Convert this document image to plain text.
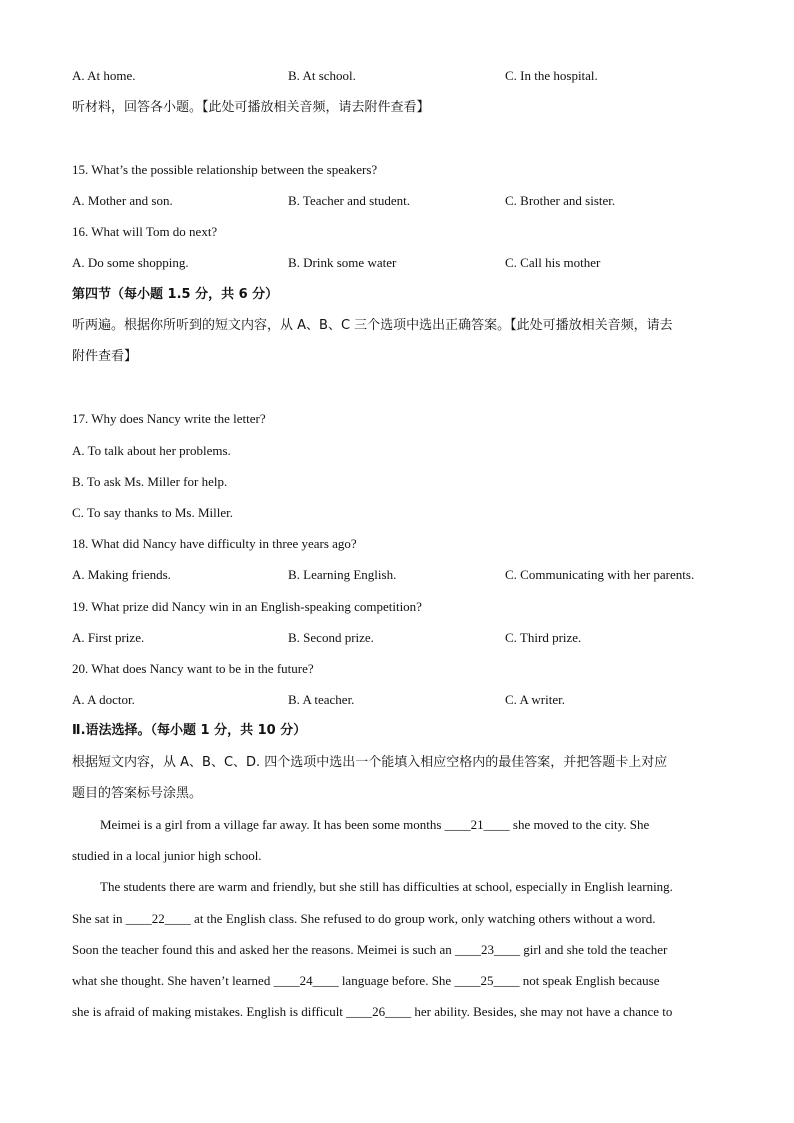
A. At home.	B. At school.	C. In the hospital.
听材料，回答各小题。【此处可播放相关音频，请去附件查看】
15. What’s the possible relationship between the speakers?
A. Mother and son.	B. Teacher and student.	C. Brother and sister.
16. What will Tom do next?
A. Do some shopping.	B. Drink some water	C. Call his mother
第四节（每小题 1.5 分，共 6 分）
听两遍。根据你所听到的短文内容，从 A、B、C 三个选项中选出正确答案。【此处可播放相关音频，请去
附件查看】
17. Why does Nancy write the letter?
A. To talk about her problems.
B. To ask Ms. Miller for help.
C. To say thanks to Ms. Miller.
18. What did Nancy have difficulty in three years ago?
A. Making friends.	B. Learning English.	C. Communicating with her parents.
19. What prize did Nancy win in an English-speaking competition?
A. First prize.	B. Second prize.	C. Third prize.
20. What does Nancy want to be in the future?
A. A doctor.	B. A teacher.	C. A writer.
Ⅱ.语法选择。（每小题 1 分，共 10 分）
根据短文内容，从 A、B、C、D. 四个选项中选出一个能填入相应空格内的最佳答案，并把答题卡上对应
题目的答案标号涂黑。
Meimei is a girl from a village far away. It has been some months ____21____ she moved to the city. She
studied in a local junior high school.
The students there are warm and friendly, but she still has difficulties at school, especially in English learning.
She sat in ____22____ at the English class. She refused to do group work, only watching others without a word.
Soon the teacher found this and asked her the reasons. Meimei is such an ____23____ girl and she told the teacher
what she thought. She haven’t learned ____24____ language before. She ____25____ not speak English because
she is afraid of making mistakes. English is difficult ____26____ her ability. Besides, she may not have a chance to
